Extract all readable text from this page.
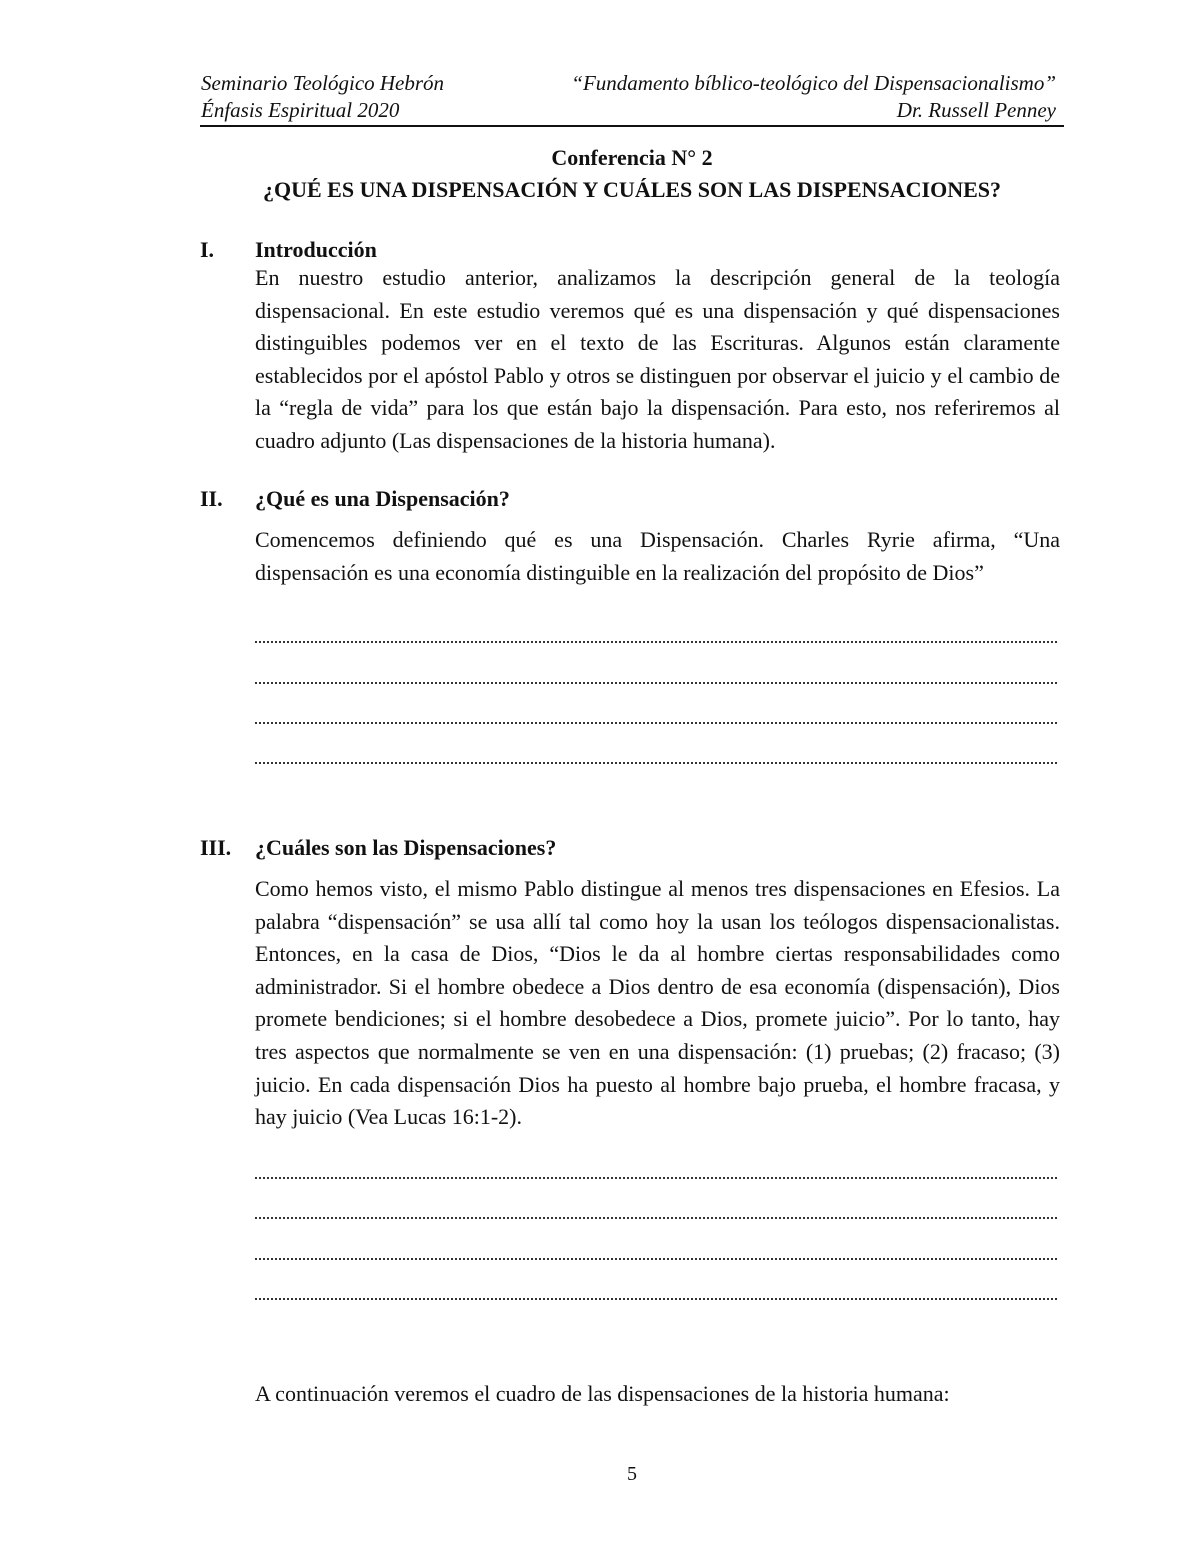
Seminario Teológico Hebrón
Énfasis Espiritual 2020
“Fundamento bíblico-teológico del Dispensacionalismo”
Dr. Russell Penney
Conferencia N° 2
¿QUÉ ES UNA DISPENSACIÓN Y CUÁLES SON LAS DISPENSACIONES?
I. Introducción

En nuestro estudio anterior, analizamos la descripción general de la teología dispensacional. En este estudio veremos qué es una dispensación y qué dispensaciones distinguibles podemos ver en el texto de las Escrituras. Algunos están claramente establecidos por el apóstol Pablo y otros se distinguen por observar el juicio y el cambio de la “regla de vida” para los que están bajo la dispensación. Para esto, nos referiremos al cuadro adjunto (Las dispensaciones de la historia humana).

II. ¿Qué es una Dispensación?

Comencemos definiendo qué es una Dispensación. Charles Ryrie afirma, “Una dispensación es una economía distinguible en la realización del propósito de Dios”

III. ¿Cuáles son las Dispensaciones?

Como hemos visto, el mismo Pablo distingue al menos tres dispensaciones en Efesios. La palabra “dispensación” se usa allí tal como hoy la usan los teólogos dispensacionalistas. Entonces, en la casa de Dios, “Dios le da al hombre ciertas responsabilidades como administrador. Si el hombre obedece a Dios dentro de esa economía (dispensación), Dios promete bendiciones; si el hombre desobedece a Dios, promete juicio”. Por lo tanto, hay tres aspectos que normalmente se ven en una dispensación: (1) pruebas; (2) fracaso; (3) juicio. En cada dispensación Dios ha puesto al hombre bajo prueba, el hombre fracasa, y hay juicio (Vea Lucas 16:1-2).

A continuación veremos el cuadro de las dispensaciones de la historia humana:

5
